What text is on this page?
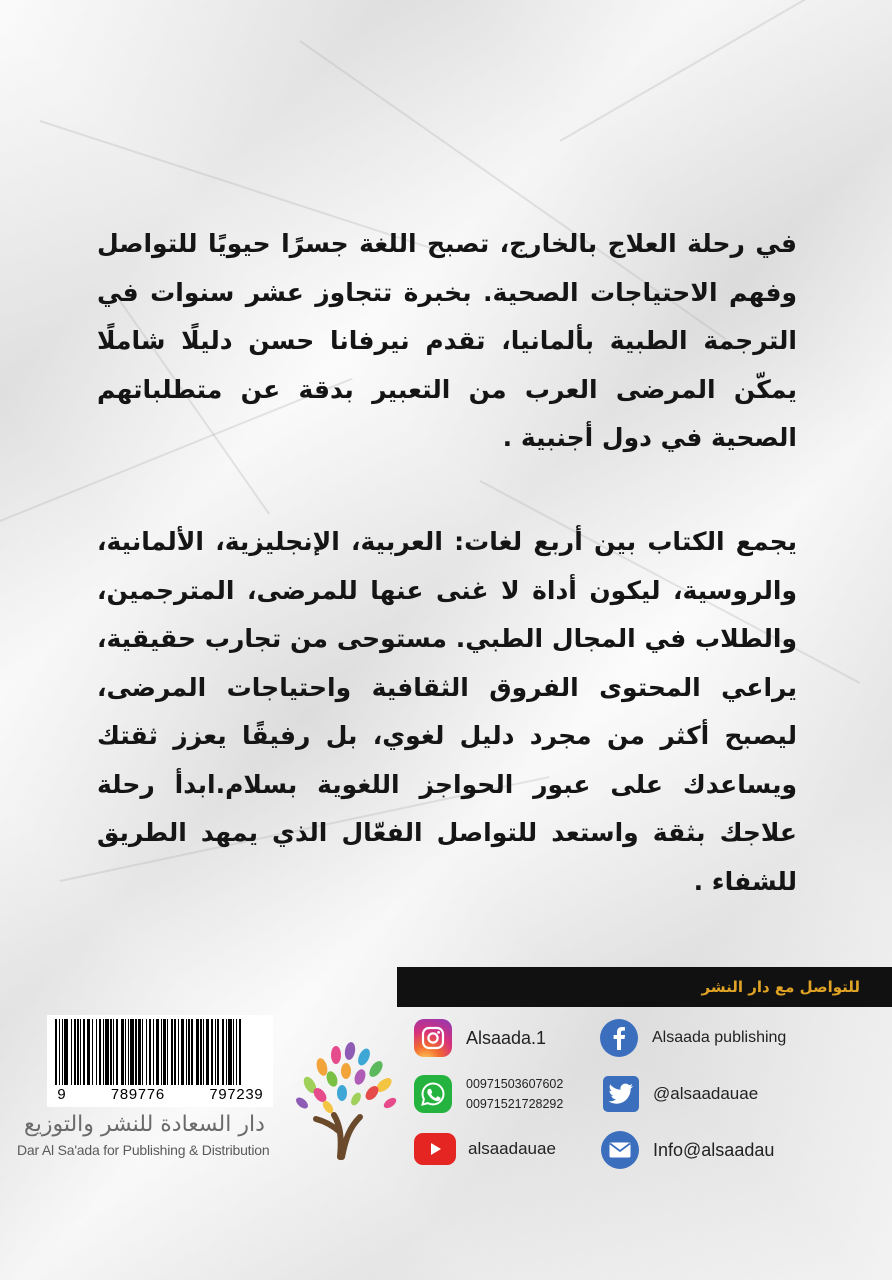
في رحلة العلاج بالخارج، تصبح اللغة جسرًا حيويًا للتواصل وفهم الاحتياجات الصحية. بخبرة تتجاوز عشر سنوات في الترجمة الطبية بألمانيا، تقدم نيرفانا حسن دليلًا شاملًا يمكّن المرضى العرب من التعبير بدقة عن متطلباتهم الصحية في دول أجنبية .

يجمع الكتاب بين أربع لغات: العربية، الإنجليزية، الألمانية، والروسية، ليكون أداة لا غنى عنها للمرضى، المترجمين، والطلاب في المجال الطبي. مستوحى من تجارب حقيقية، يراعي المحتوى الفروق الثقافية واحتياجات المرضى، ليصبح أكثر من مجرد دليل لغوي، بل رفيقًا يعزز ثقتك ويساعدك على عبور الحواجز اللغوية بسلام.ابدأ رحلة علاجك بثقة واستعد للتواصل الفعّال الذي يمهد الطريق للشفاء .

للتواصل مع دار النشر
Alsaada publishing
@alsaadauae
Info@alsaadau
Alsaada.1
00971503607602
00971521728292
alsaadauae
9	789776	797239
دار السعادة للنشر والتوزيع
Dar Al Sa'ada for Publishing & Distribution
